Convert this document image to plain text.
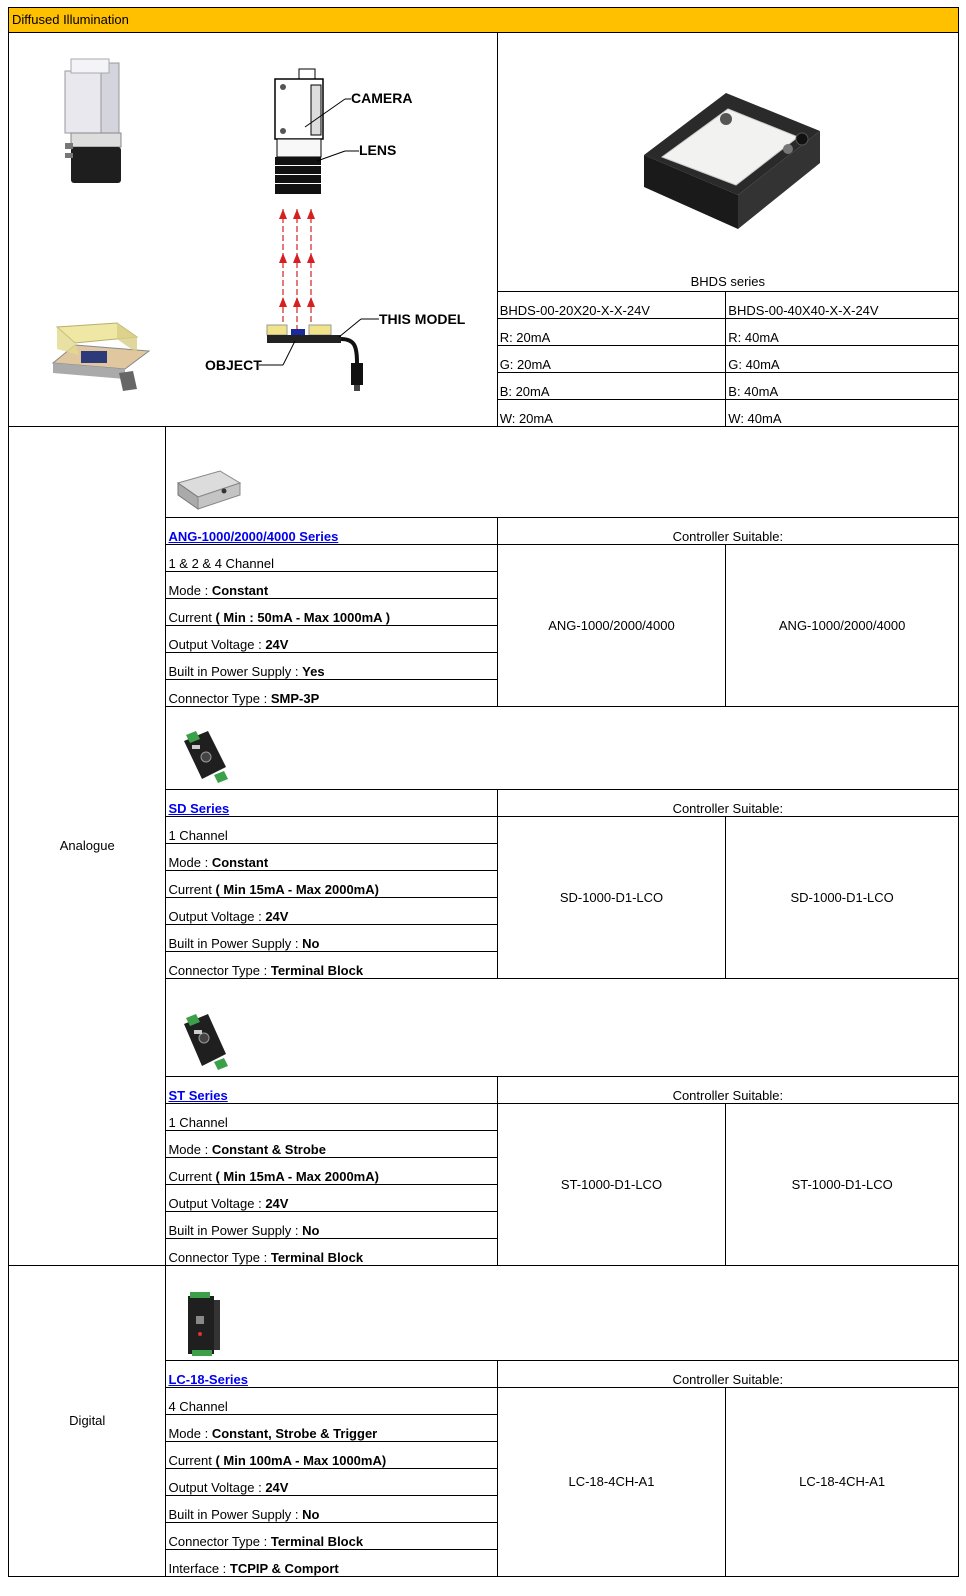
Diffused Illumination			

CAMERA
LENS
THIS MODEL
OBJECT		BHDS series	

		BHDS-00-20X20-X-X-24V	BHDS-00-40X40-X-X-24V
		R: 20mA	R: 40mA
		G: 20mA	G: 40mA
		B: 20mA	B: 40mA
		W: 20mA	W: 40mA
Analogue	

	ANG-1000/2000/4000 Series	Controller Suitable:	
	1 & 2 & 4 Channel	ANG-1000/2000/4000	ANG-1000/2000/4000
	Mode : Constant		
	Current ( Min : 50mA - Max 1000mA )		
	Output Voltage : 24V		
	Built in Power Supply : Yes		
	Connector Type : SMP-3P		

	SD Series	Controller Suitable:	
	1 Channel	SD-1000-D1-LCO	SD-1000-D1-LCO
	Mode : Constant		
	Current ( Min 15mA - Max 2000mA)		
	Output Voltage : 24V		
	Built in Power Supply : No		
	Connector Type : Terminal Block		

	ST Series	Controller Suitable:	
	1 Channel	ST-1000-D1-LCO	ST-1000-D1-LCO
	Mode : Constant & Strobe		
	Current ( Min 15mA - Max 2000mA)		
	Output Voltage : 24V		
	Built in Power Supply : No		
	Connector Type : Terminal Block		
Digital	

	LC-18-Series	Controller Suitable:	
	4 Channel	LC-18-4CH-A1	LC-18-4CH-A1
	Mode : Constant, Strobe & Trigger		
	Current ( Min 100mA - Max 1000mA)		
	Output Voltage : 24V		
	Built in Power Supply : No		
	Connector Type : Terminal Block		
	Interface : TCPIP & Comport		
